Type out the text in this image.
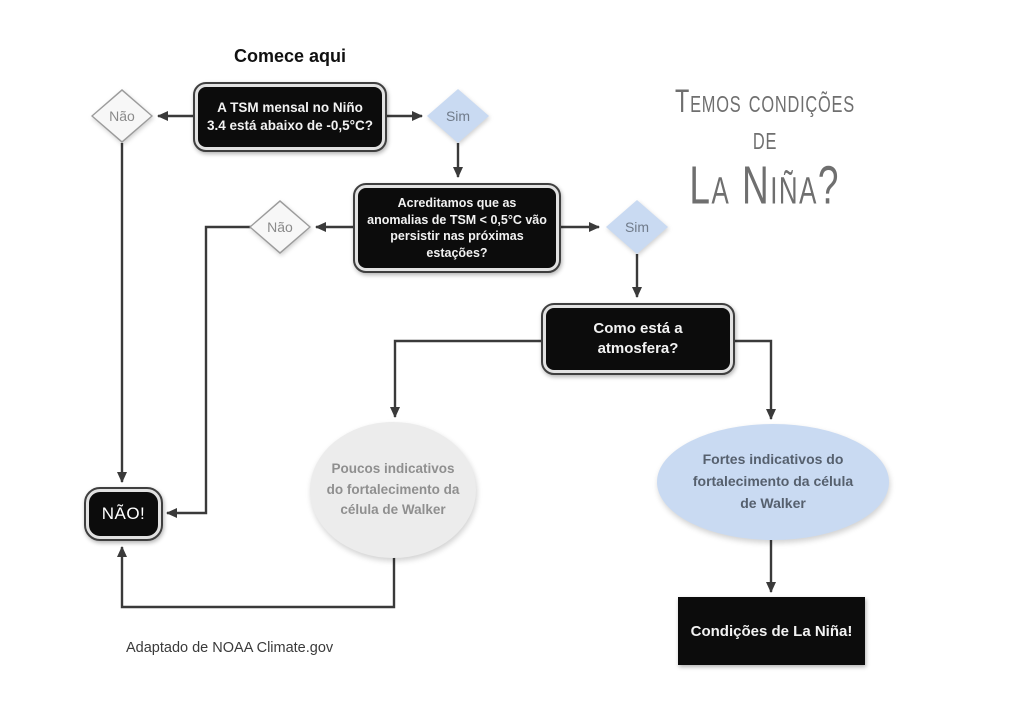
Comece aqui
A TSM mensal no Niño 3.4 está abaixo de -0,5°C?
Não	Sim
Acreditamos que as anomalias de TSM < 0,5°C vão persistir nas próximas estações?
Não	Sim
Como está a atmosfera?
Poucos indicativos do fortalecimento da célula de Walker
Fortes indicativos do fortalecimento da célula de Walker
NÃO!
Condições de La Niña!
Temos condições de
La Niña?
Adaptado de NOAA Climate.gov
